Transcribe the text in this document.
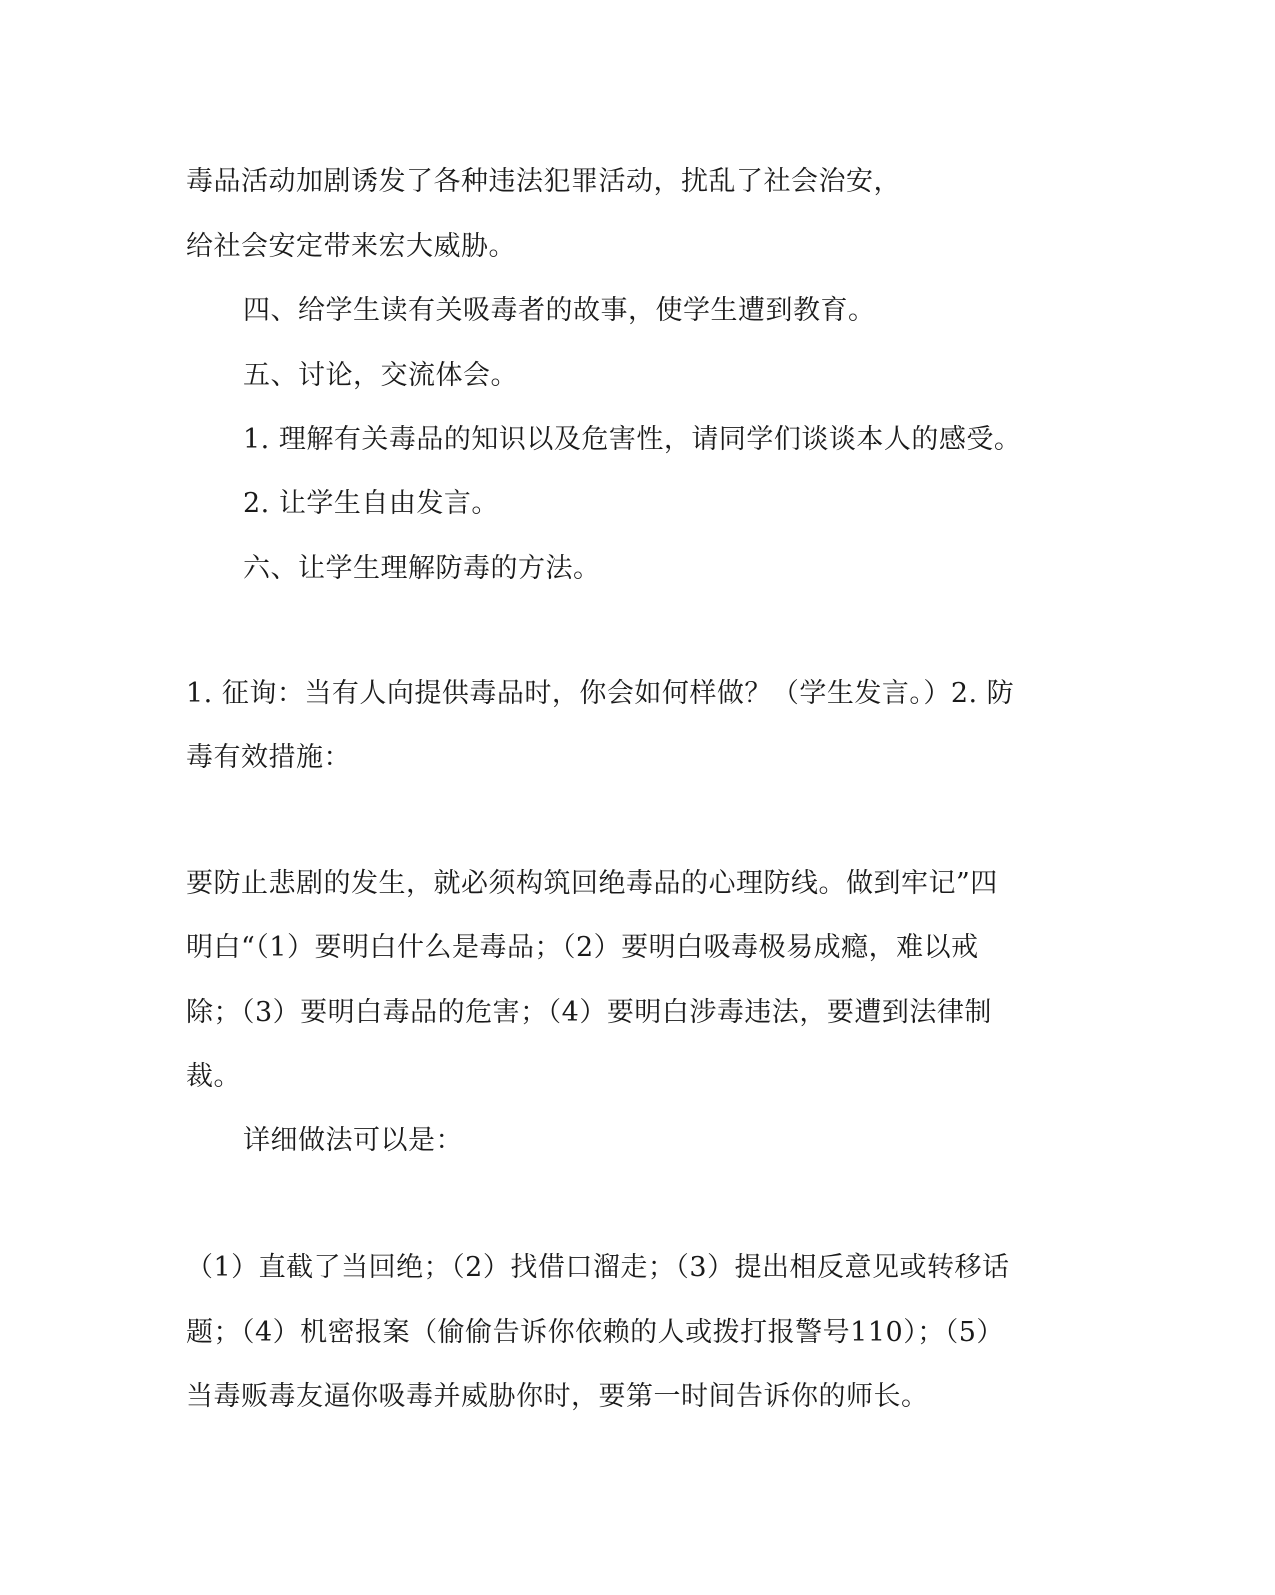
毒品活动加剧诱发了各种违法犯罪活动，扰乱了社会治安，
给社会安定带来宏大威胁。
四、给学生读有关吸毒者的故事，使学生遭到教育。
五、讨论，交流体会。
1. 理解有关毒品的知识以及危害性，请同学们谈谈本人的感受。
2. 让学生自由发言。
六、让学生理解防毒的方法。
1. 征询：当有人向提供毒品时，你会如何样做？（学生发言。）2. 防
毒有效措施：
要防止悲剧的发生，就必须构筑回绝毒品的心理防线。做到牢记”四
明白“（1）要明白什么是毒品；（2）要明白吸毒极易成瘾，难以戒
除；（3）要明白毒品的危害；（4）要明白涉毒违法，要遭到法律制
裁。
详细做法可以是：
（1）直截了当回绝；（2）找借口溜走；（3）提出相反意见或转移话
题；（4）机密报案（偷偷告诉你依赖的人或拨打报警号110）；（5）
当毒贩毒友逼你吸毒并威胁你时，要第一时间告诉你的师长。
